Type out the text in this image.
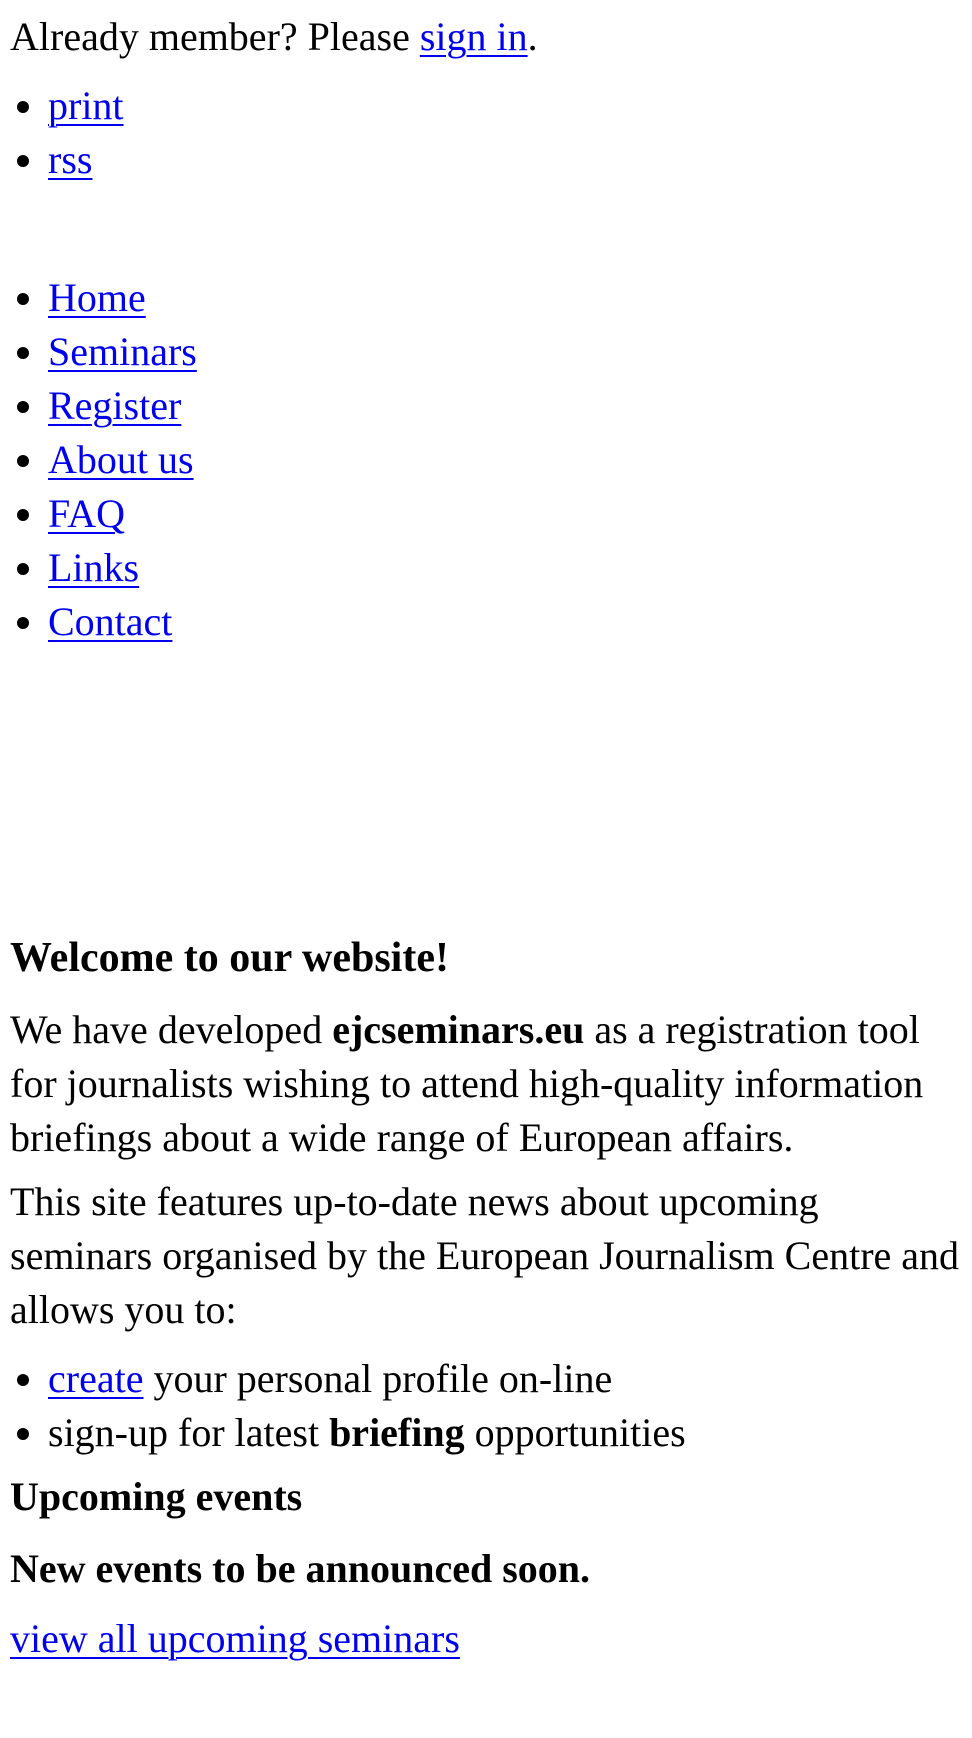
Already member? Please sign in.

• print
• rss
• Home
• Seminars
• Register
• About us
• FAQ
• Links
• Contact
Welcome to our website!

We have developed ejcseminars.eu as a registration tool for journalists wishing to attend high-quality information briefings about a wide range of European affairs.

This site features up-to-date news about upcoming seminars organised by the European Journalism Centre and allows you to:

• create your personal profile on-line
• sign-up for latest briefing opportunities
Upcoming events
New events to be announced soon.

view all upcoming seminars
